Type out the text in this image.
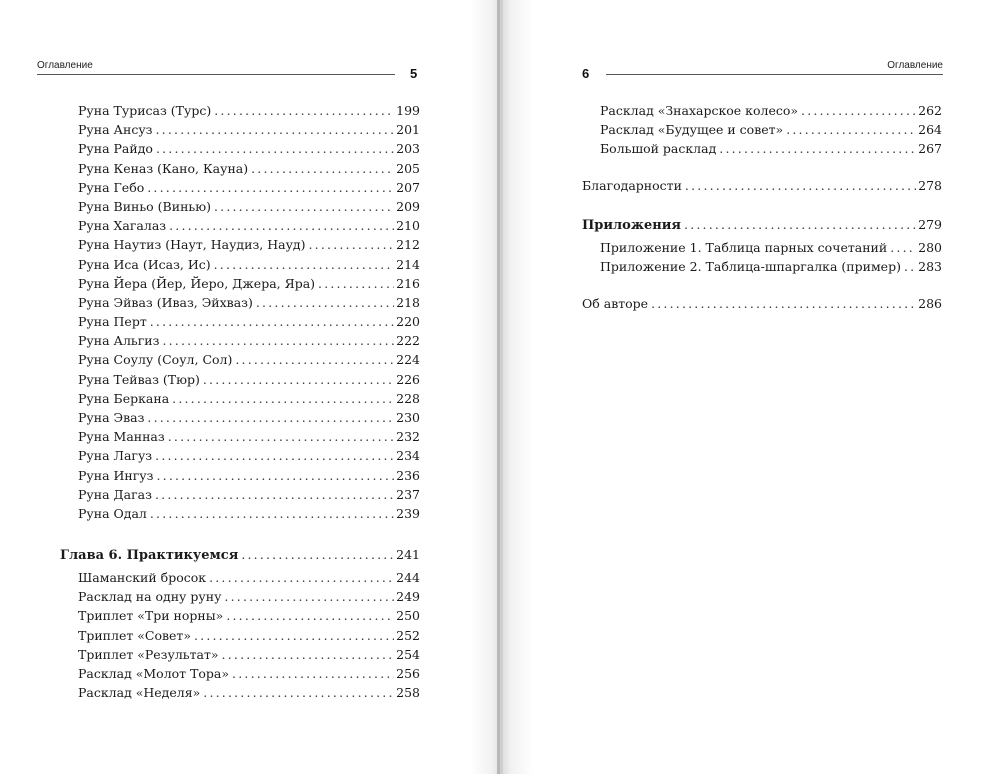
Оглавление
5
Руна Турисаз (Турс) .....	199
Руна Ансуз .....	201
Руна Райдо .....	203
Руна Кеназ (Кано, Кауна) .....	205
Руна Гебо .....	207
Руна Виньо (Винью) .....	209
Руна Хагалаз .....	210
Руна Наутиз (Наут, Наудиз, Науд) .....	212
Руна Иса (Исаз, Ис) .....	214
Руна Йера (Йер, Йеро, Джера, Яра) .....	216
Руна Эйваз (Иваз, Эйхваз) .....	218
Руна Перт .....	220
Руна Альгиз .....	222
Руна Соулу (Соул, Сол) .....	224
Руна Тейваз (Тюр) .....	226
Руна Беркана .....	228
Руна Эваз .....	230
Руна Манназ .....	232
Руна Лагуз .....	234
Руна Ингуз .....	236
Руна Дагаз .....	237
Руна Одал .....	239
Глава 6. Практикуемся .....	241
Шаманский бросок .....	244
Расклад на одну руну .....	249
Триплет «Три норны» .....	250
Триплет «Совет» .....	252
Триплет «Результат» .....	254
Расклад «Молот Тора» .....	256
Расклад «Неделя» .....	258
6
Оглавление
Расклад «Знахарское колесо» .....	262
Расклад «Будущее и совет» .....	264
Большой расклад .....	267
Благодарности .....	278
Приложения .....	279
Приложение 1. Таблица парных сочетаний ..... 280
Приложение 2. Таблица-шпаргалка (пример) ..... 283
Об авторе .....	286
